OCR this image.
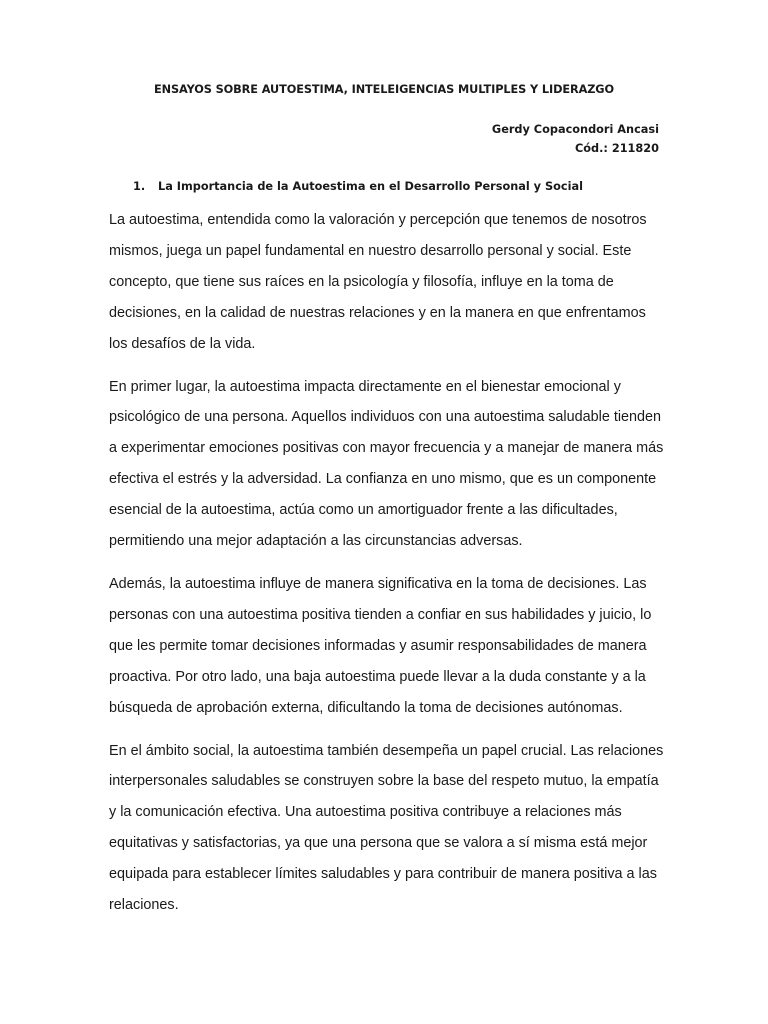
ENSAYOS SOBRE AUTOESTIMA, INTELEIGENCIAS MULTIPLES Y LIDERAZGO
Gerdy Copacondori Ancasi
Cód.: 211820
1. La Importancia de la Autoestima en el Desarrollo Personal y Social

La autoestima, entendida como la valoración y percepción que tenemos de nosotros
mismos, juega un papel fundamental en nuestro desarrollo personal y social. Este
concepto, que tiene sus raíces en la psicología y filosofía, influye en la toma de
decisiones, en la calidad de nuestras relaciones y en la manera en que enfrentamos
los desafíos de la vida.

En primer lugar, la autoestima impacta directamente en el bienestar emocional y
psicológico de una persona. Aquellos individuos con una autoestima saludable tienden
a experimentar emociones positivas con mayor frecuencia y a manejar de manera más
efectiva el estrés y la adversidad. La confianza en uno mismo, que es un componente
esencial de la autoestima, actúa como un amortiguador frente a las dificultades,
permitiendo una mejor adaptación a las circunstancias adversas.

Además, la autoestima influye de manera significativa en la toma de decisiones. Las
personas con una autoestima positiva tienden a confiar en sus habilidades y juicio, lo
que les permite tomar decisiones informadas y asumir responsabilidades de manera
proactiva. Por otro lado, una baja autoestima puede llevar a la duda constante y a la
búsqueda de aprobación externa, dificultando la toma de decisiones autónomas.

En el ámbito social, la autoestima también desempeña un papel crucial. Las relaciones
interpersonales saludables se construyen sobre la base del respeto mutuo, la empatía
y la comunicación efectiva. Una autoestima positiva contribuye a relaciones más
equitativas y satisfactorias, ya que una persona que se valora a sí misma está mejor
equipada para establecer límites saludables y para contribuir de manera positiva a las
relaciones.
